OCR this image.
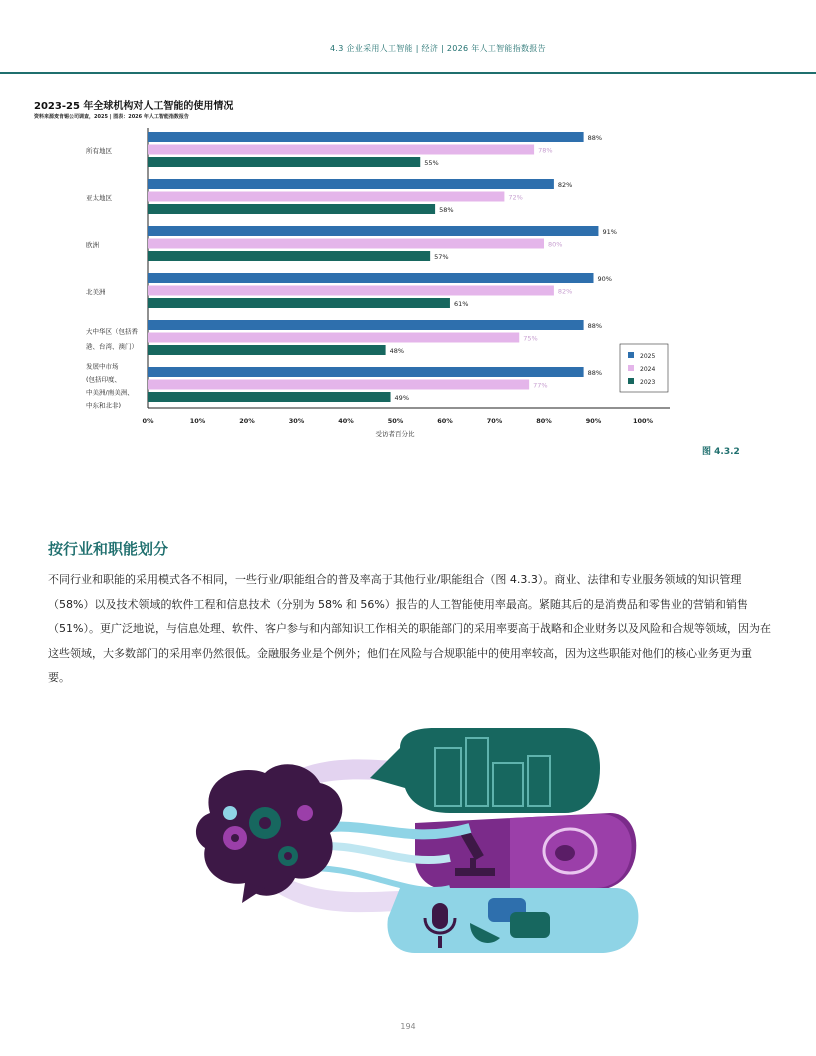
4.3 企业采用人工智能 | 经济 | 2026 年人工智能指数报告
2023-25 年全球机构对人工智能的使用情况
资料来源麦肯锡公司调查，2025 | 图表：2026 年人工智能指数报告
88%
78%
55%
所有地区
82%
72%
58%
亚太地区
91%
80%
57%
欧洲
90%
82%
61%
北美洲
88%
75%
48%
大中华区（包括香
港、台湾、澳门）
88%
77%
49%
发展中市场
(包括印度、
中美洲/南美洲、
中东和北非)
0%	10%	20%	30%	40%	50%	60%	70%	80%	90%	100%
受访者百分比
2025
2024
2023
图 4.3.2
按行业和职能划分
不同行业和职能的采用模式各不相同，一些行业/职能组合的普及率高于其他行业/职能组合（图 4.3.3）。商业、法律和专业服务领域的知识管理（58%）以及技术领域的软件工程和信息技术（分别为 58% 和 56%）报告的人工智能使用率最高。紧随其后的是消费品和零售业的营销和销售（51%）。更广泛地说，与信息处理、软件、客户参与和内部知识工作相关的职能部门的采用率要高于战略和企业财务以及风险和合规等领域，因为在这些领域，大多数部门的采用率仍然很低。金融服务业是个例外；他们在风险与合规职能中的使用率较高，因为这些职能对他们的核心业务更为重要。
194
